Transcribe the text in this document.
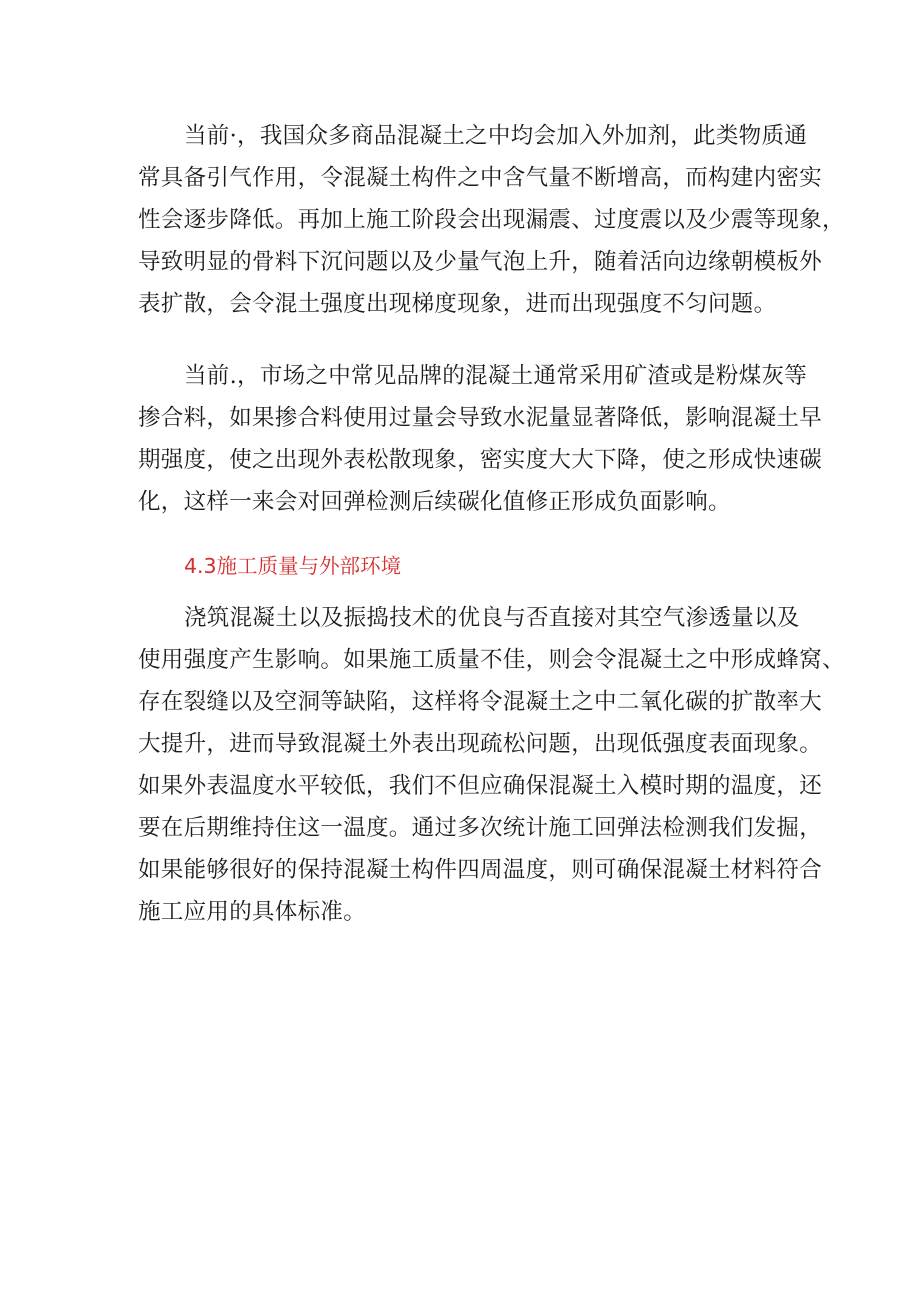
当前·，我国众多商品混凝土之中均会加入外加剂，此类物质通
常具备引气作用，令混凝土构件之中含气量不断增高，而构建内密实
性会逐步降低。再加上施工阶段会出现漏震、过度震以及少震等现象，
导致明显的骨料下沉问题以及少量气泡上升，随着活向边缘朝模板外
表扩散，会令混土强度出现梯度现象，进而出现强度不匀问题。
当前.，市场之中常见品牌的混凝土通常采用矿渣或是粉煤灰等
掺合料，如果掺合料使用过量会导致水泥量显著降低，影响混凝土早
期强度，使之出现外表松散现象，密实度大大下降，使之形成快速碳
化，这样一来会对回弹检测后续碳化值修正形成负面影响。
4.3施工质量与外部环境
浇筑混凝土以及振捣技术的优良与否直接对其空气渗透量以及
使用强度产生影响。如果施工质量不佳，则会令混凝土之中形成蜂窝、
存在裂缝以及空洞等缺陷，这样将令混凝土之中二氧化碳的扩散率大
大提升，进而导致混凝土外表出现疏松问题，出现低强度表面现象。
如果外表温度水平较低，我们不但应确保混凝土入模时期的温度，还
要在后期维持住这一温度。通过多次统计施工回弹法检测我们发掘，
如果能够很好的保持混凝土构件四周温度，则可确保混凝土材料符合
施工应用的具体标准。
